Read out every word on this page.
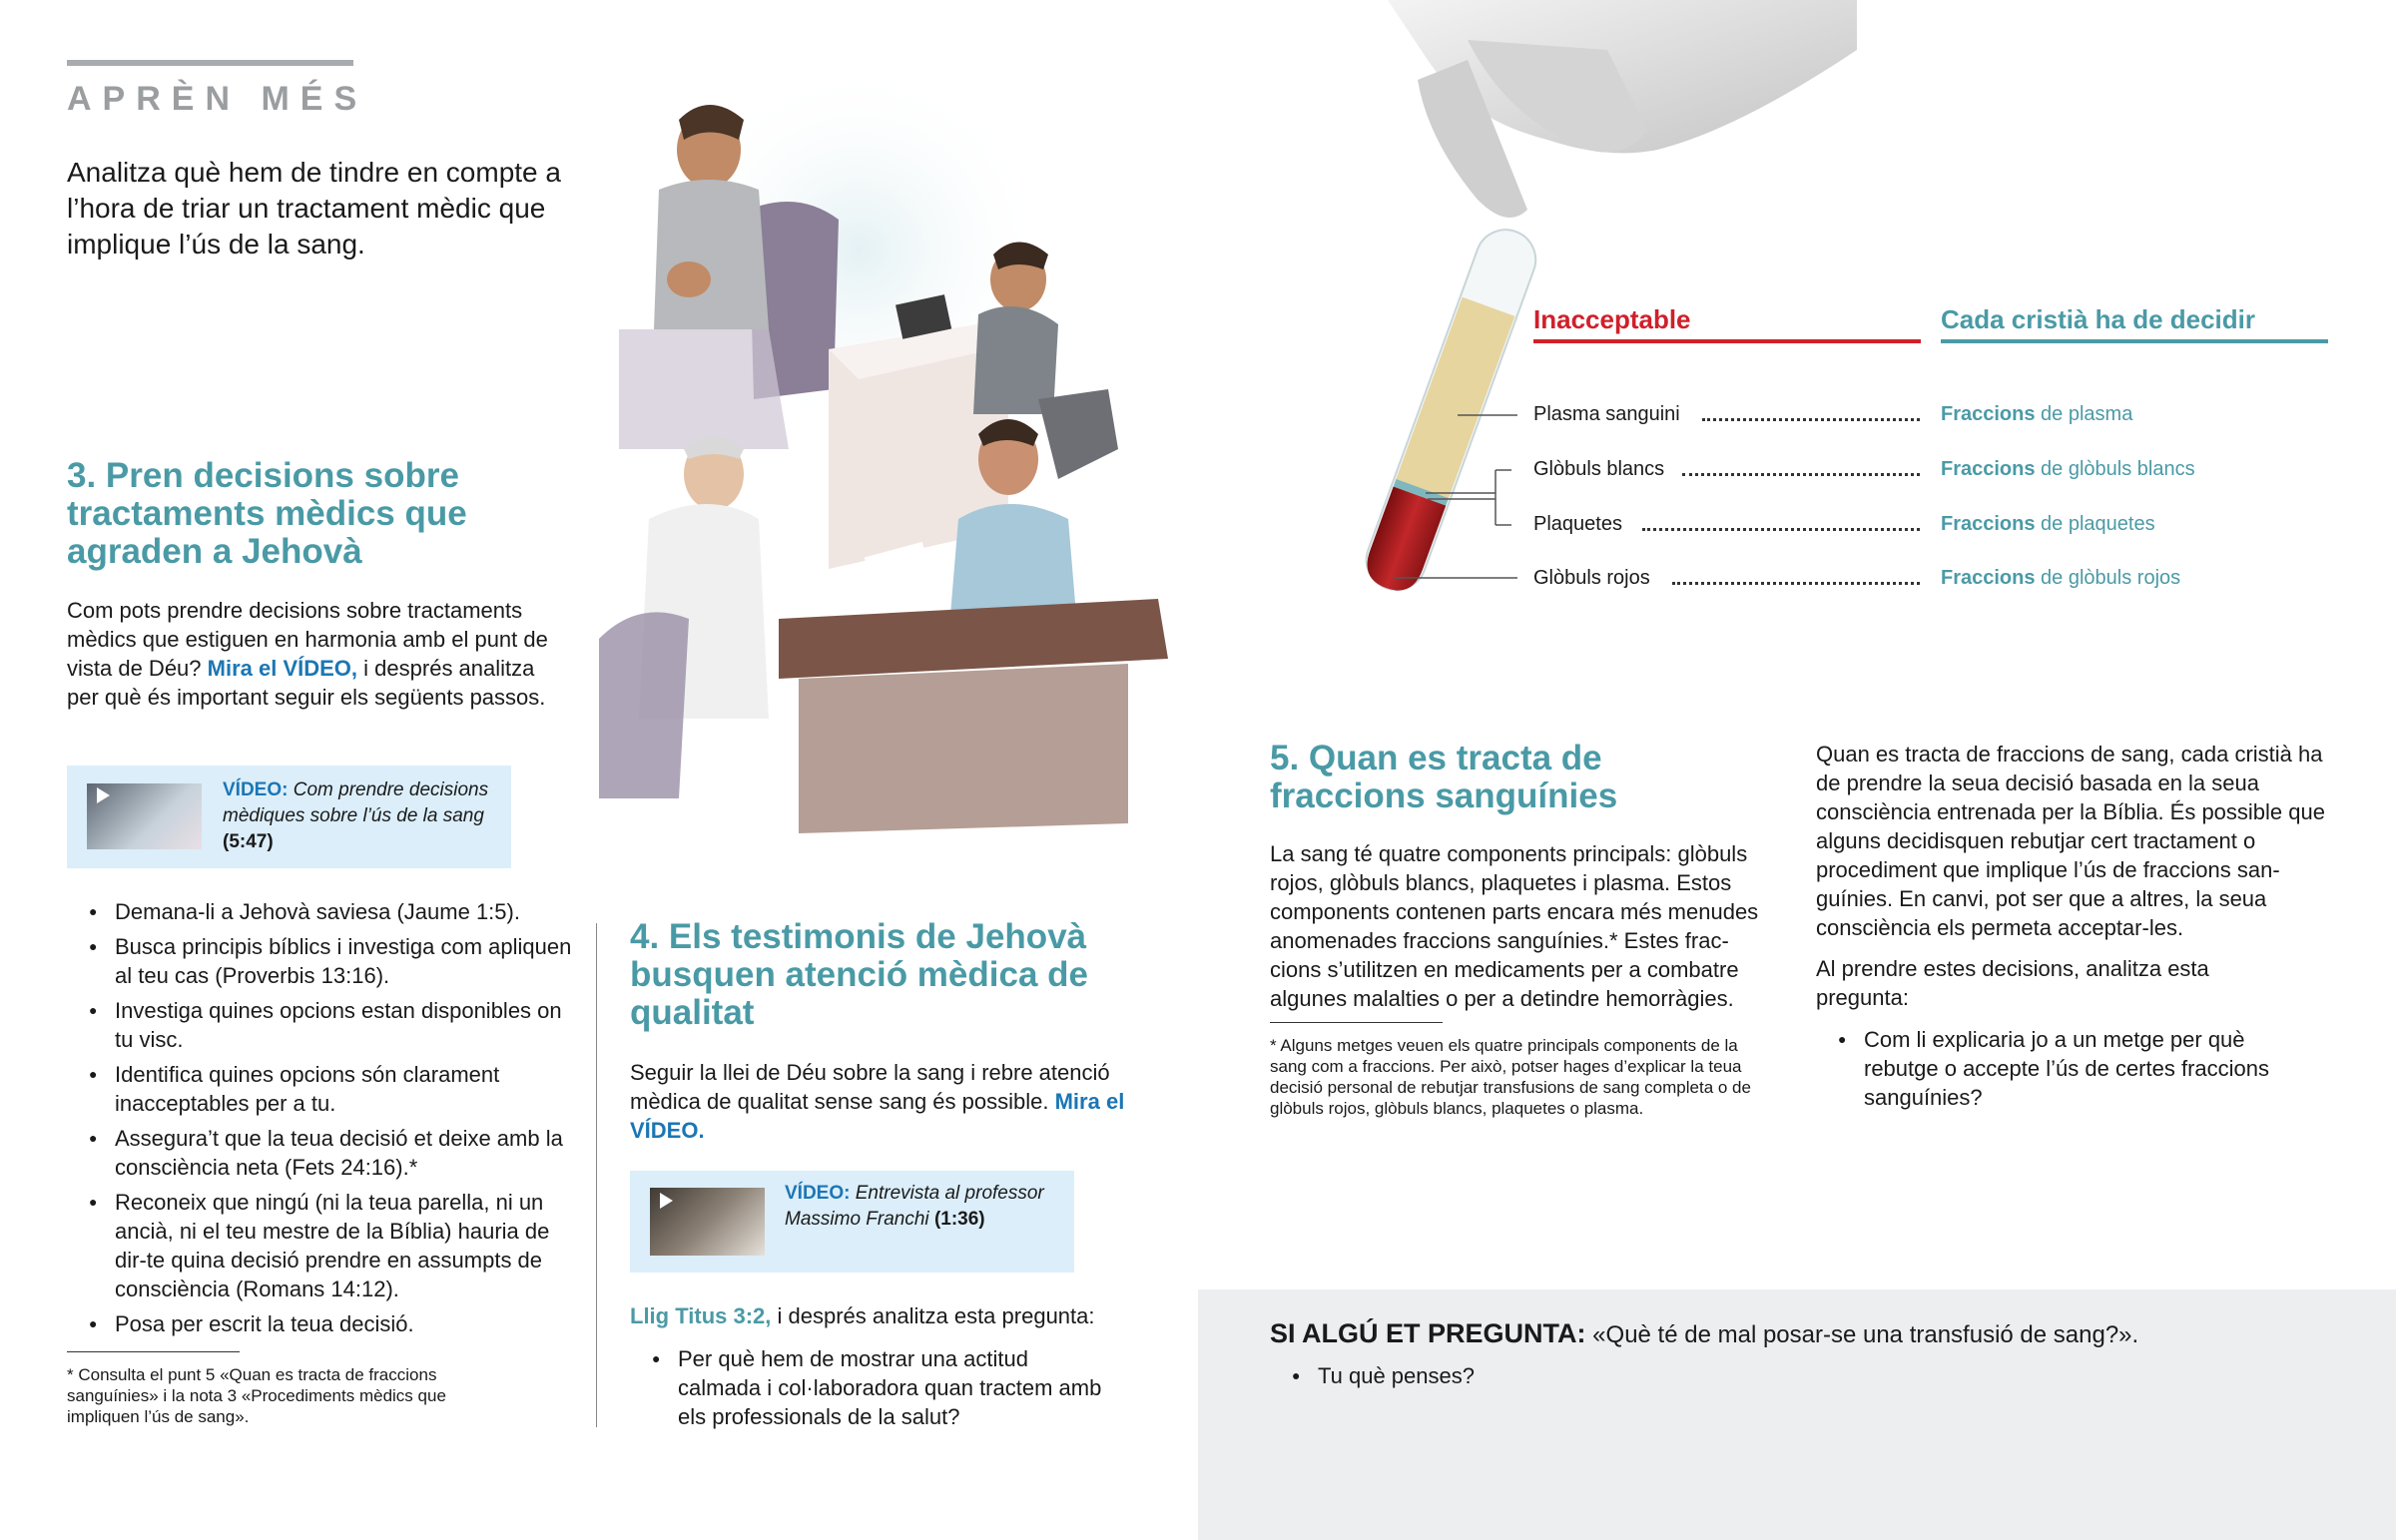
APRÈN MÉS

Analitza què hem de tindre en compte a l’hora de triar un tractament mèdic que implique l’ús de la sang.

3. Pren decisions sobre tractaments mèdics que agraden a Jehovà

Com pots prendre decisions sobre tractaments mèdics que estiguen en harmonia amb el punt de vista de Déu? Mira el VÍDEO, i després analitza per què és important seguir els següents passos.

VÍDEO: Com prendre decisions mèdiques sobre l’ús de la sang (5:47)
● Demana-li a Jehovà saviesa (Jaume 1:5).
● Busca principis bíblics i investiga com apliquen al teu cas (Proverbis 13:16).
● Investiga quines opcions estan disponibles on tu visc.
● Identifica quines opcions són clarament inacceptables per a tu.
● Assegura’t que la teua decisió et deixe amb la consciència neta (Fets 24:16).*
● Reconeix que ningú (ni la teua parella, ni un ancià, ni el teu mestre de la Bíblia) hauria de dir-te quina decisió prendre en assumpts de consciència (Romans 14:12).
● Posa per escrit la teua decisió.

* Consulta el punt 5 «Quan es tracta de fraccions sanguínies» i la nota 3 «Procediments mèdics que impliquen l’ús de sang».

4. Els testimonis de Jehovà busquen atenció mèdica de qualitat

Seguir la llei de Déu sobre la sang i rebre atenció mèdica de qualitat sense sang és possible. Mira el VÍDEO.

VÍDEO: Entrevista al professor Massimo Franchi (1:36)

Llig Titus 3:2, i després analitza esta pregunta:

● Per què hem de mostrar una actitud calmada i col·laboradora quan tractem amb els professionals de la salut?
Inacceptable	Cada cristià ha de decidir
Plasma sanguini	Fraccions de plasma
Glòbuls blancs	Fraccions de glòbuls blancs
Plaquetes	Fraccions de plaquetes
Glòbuls rojos	Fraccions de glòbuls rojos
5. Quan es tracta de fraccions sanguínies

La sang té quatre components principals: glòbuls rojos, glòbuls blancs, plaquetes i plasma. Estos components contenen parts encara més menudes anomenades fraccions sanguínies.* Estes fraccions s’utilitzen en medicaments per a combatre algunes malalties o per a detindre hemorràgies.

* Alguns metges veuen els quatre principals components de la sang com a fraccions. Per això, potser hages d’explicar la teua decisió personal de rebutjar transfusions de sang completa o de glòbuls rojos, glòbuls blancs, plaquetes o plasma.

Quan es tracta de fraccions de sang, cada cristià ha de prendre la seua decisió basada en la seua consciència entrenada per la Bíblia. És possible que alguns decidisquen rebutjar cert tractament o procediment que implique l’ús de fraccions sanguínies. En canvi, pot ser que a altres, la seua consciència els permeta acceptar-les.

Al prendre estes decisions, analitza esta pregunta:

● Com li explicaria jo a un metge per què rebutge o accepte l’ús de certes fraccions sanguínies?

SI ALGÚ ET PREGUNTA: «Què té de mal posar-se una transfusió de sang?».

● Tu què penses?
